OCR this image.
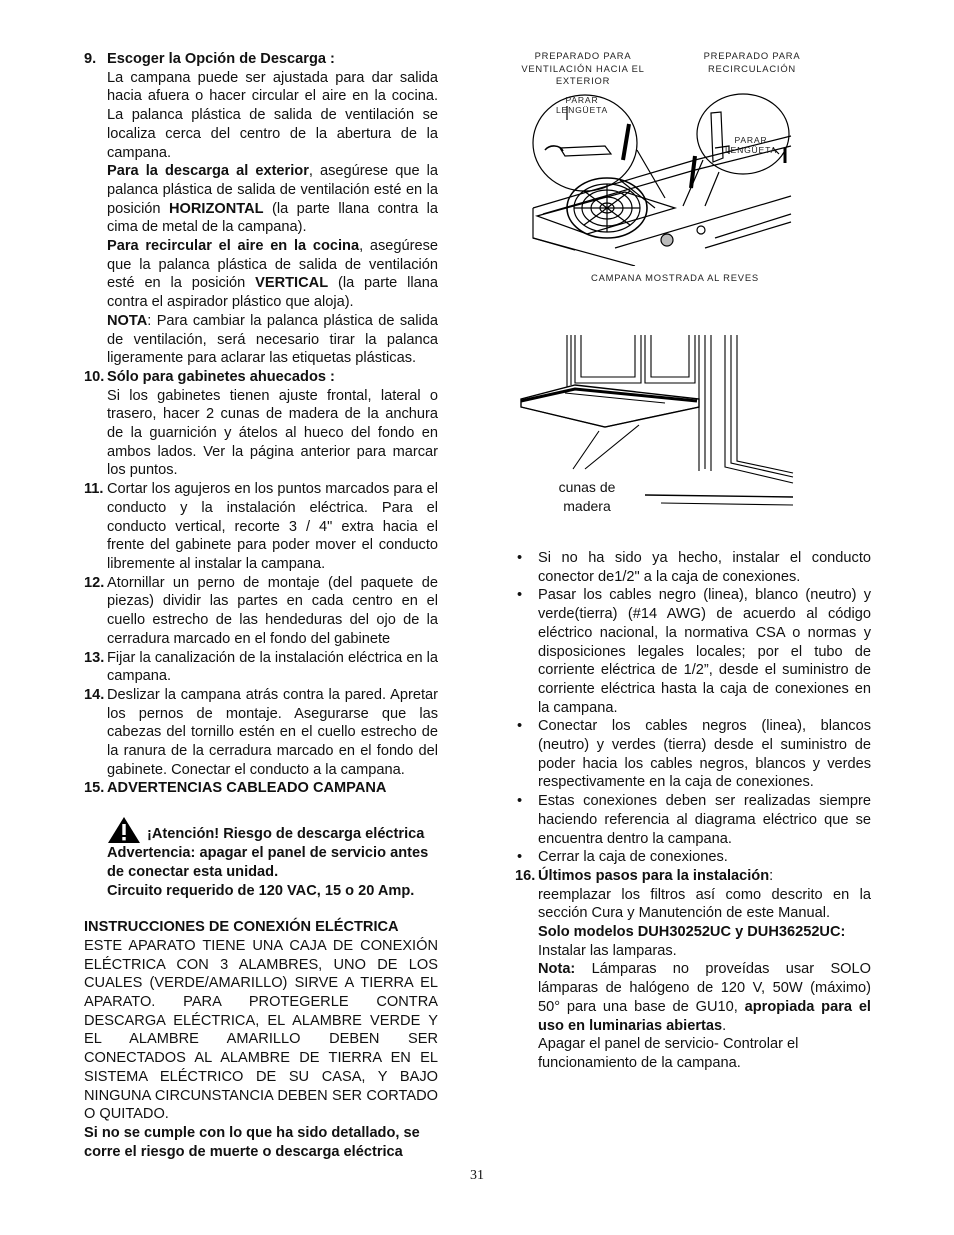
9. Escoger la Opción de Descarga :

La campana puede ser ajustada para dar salida hacia afuera o hacer circular el aire en la cocina. La palanca plástica de salida de ventilación se localiza cerca del centro de la abertura de la campana.

Para la descarga al exterior, asegúrese que la palanca plástica de salida de ventilación esté en la posición HORIZONTAL (la parte llana contra la cima de metal de la campana).

Para recircular el aire en la cocina, asegúrese que la palanca plástica de salida de ventilación esté en la posición VERTICAL (la parte llana contra el aspirador plástico que aloja).

NOTA: Para cambiar la palanca plástica de salida de ventilación, será necesario tirar la palanca ligeramente para aclarar las etiquetas plásticas.

10. Sólo para gabinetes ahuecados :

Si los gabinetes tienen ajuste frontal, lateral o trasero, hacer 2 cunas de madera de la anchura de la guarnición y átelos al hueco del fondo en ambos lados. Ver la página anterior para marcar los puntos.

11. Cortar los agujeros en los puntos marcados para el conducto y la instalación eléctrica. Para el conducto vertical, recorte 3 / 4" extra hacia el frente del gabinete para poder mover el conducto libremente al instalar la campana.

12. Atornillar un perno de montaje (del paquete de piezas) dividir las partes en cada centro en el cuello estrecho de las hendeduras del ojo de la cerradura marcado en el fondo del gabinete

13. Fijar la canalización de la instalación eléctrica en la campana.

14. Deslizar la campana atrás contra la pared. Apretar los pernos de montaje. Asegurarse que las cabezas del tornillo estén en el cuello estrecho de la ranura de la cerradura marcado en el fondo del gabinete. Conectar el conducto a la campana.

15. ADVERTENCIAS CABLEADO CAMPANA

¡Atención! Riesgo de descarga eléctrica

Advertencia: apagar el panel de servicio antes de conectar esta unidad.

Circuito requerido de 120 VAC, 15 o 20 Amp.

INSTRUCCIONES DE CONEXIÓN ELÉCTRICA

ESTE APARATO TIENE UNA CAJA DE CONEXIÓN ELÉCTRICA CON 3 ALAMBRES, UNO DE LOS CUALES (VERDE/AMARILLO) SIRVE A TIERRA EL APARATO. PARA PROTEGERLE CONTRA DESCARGA ELÉCTRICA, EL ALAMBRE VERDE Y EL ALAMBRE AMARILLO DEBEN SER CONECTADOS AL ALAMBRE DE TIERRA EN EL SISTEMA ELÉCTRICO DE SU CASA, Y BAJO NINGUNA CIRCUNSTANCIA DEBEN SER CORTADO O QUITADO.

Si no se cumple con lo que ha sido detallado, se corre el riesgo de muerte o descarga eléctrica

PREPARADO PARA
VENTILACIÓN HACIA EL
EXTERIOR
PREPARADO PARA
RECIRCULACIÓN
PARAR
LENGÜETA
PARAR
LENGÜETA
CAMPANA MOSTRADA AL REVES
cunas de
madera
• Si no ha sido ya hecho, instalar el conducto conector de1/2" a la caja de conexiones.

• Pasar los cables negro (linea), blanco (neutro) y verde(tierra) (#14 AWG) de acuerdo al código eléctrico nacional, la normativa CSA o normas y disposiciones legales locales; por el tubo de corriente eléctrica de 1/2”, desde el suministro de corriente eléctrica hasta la caja de conexiones en la campana.

• Conectar los cables negros (linea), blancos (neutro) y verdes (tierra) desde el suministro de poder hacia los cables negros, blancos y verdes respectivamente en la caja de conexiones.

• Estas conexiones deben ser realizadas siempre haciendo referencia al diagrama eléctrico que se encuentra dentro la campana.

• Cerrar la caja de conexiones.

16. Últimos pasos para la instalación:

reemplazar los filtros así como descrito en la sección Cura y Manutención de este Manual.

Solo modelos DUH30252UC y DUH36252UC:

Instalar las lamparas.

Nota: Lámparas no proveídas usar SOLO lámparas de halógeno de 120 V, 50W (máximo) 50° para una base de GU10, apropiada para el uso en luminarias abiertas.

Apagar el panel de servicio- Controlar el funcionamiento de la campana.

31
